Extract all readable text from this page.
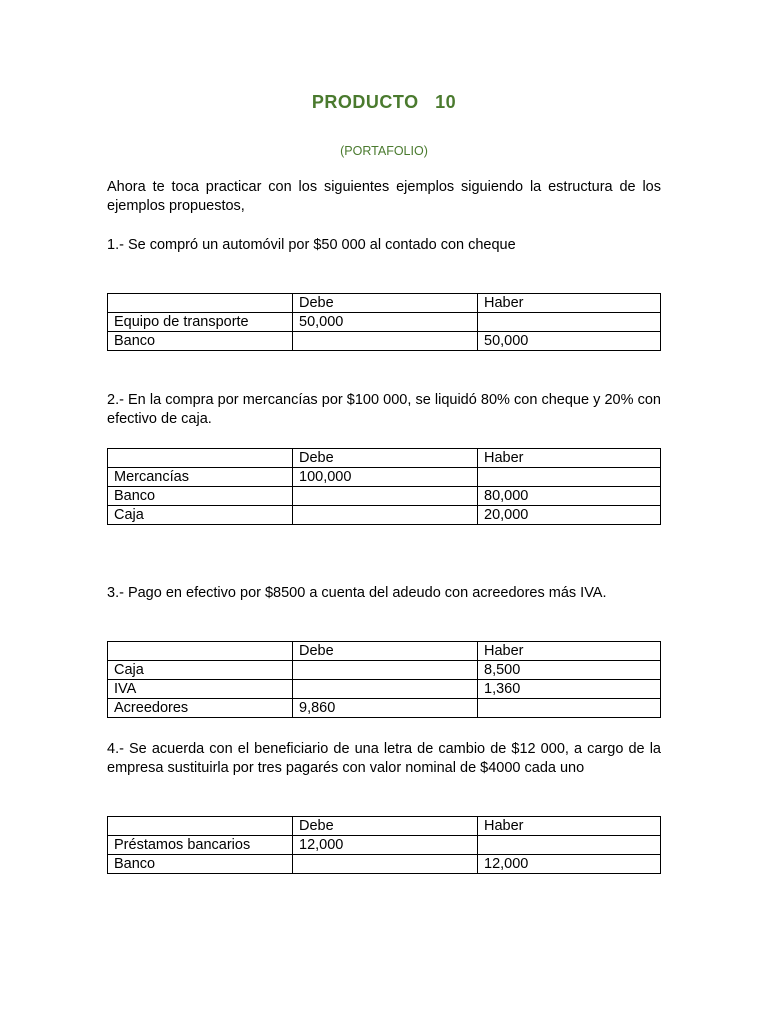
PRODUCTO   10
(PORTAFOLIO)
Ahora te toca practicar con los siguientes ejemplos siguiendo la estructura de los ejemplos propuestos,
1.- Se compró un automóvil por $50 000 al contado con cheque
	Debe	Haber
Equipo de transporte	50,000	
Banco		50,000
2.- En la compra por mercancías por $100 000, se liquidó 80% con cheque y 20% con efectivo de caja.
	Debe	Haber
Mercancías	100,000	
Banco		80,000
Caja		20,000
3.- Pago en efectivo por $8500 a cuenta del adeudo con acreedores más IVA.
	Debe	Haber
Caja		8,500
IVA		1,360
Acreedores	9,860	
4.- Se acuerda con el beneficiario de una letra de cambio de $12 000, a cargo de la empresa sustituirla por tres pagarés con valor nominal de $4000 cada uno
	Debe	Haber
Préstamos bancarios	12,000	
Banco		12,000
